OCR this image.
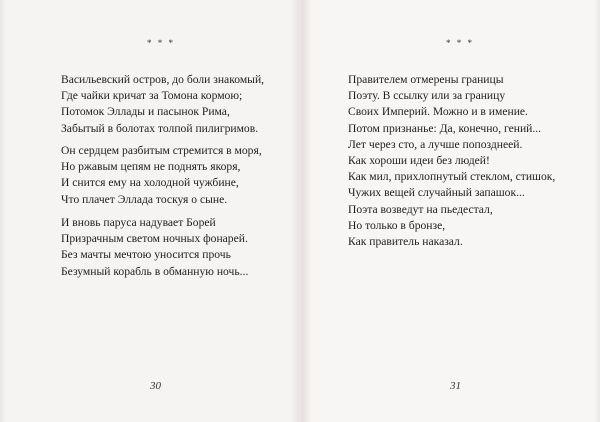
* * *
Васильевский остров, до боли знакомый,
Где чайки кричат за Томона кормою;
Потомок Эллады и пасынок Рима,
Забытый в болотах толпой пилигримов.
Он сердцем разбитым стремится в моря,
Но ржавым цепям не поднять якоря,
И снится ему на холодной чужбине,
Что плачет Эллада тоскуя о сыне.
И вновь паруса надувает Борей
Призрачным светом ночных фонарей.
Без мачты мечтою уносится прочь
Безумный корабль в обманную ночь...
30
* * *
Правителем отмерены границы
Поэту. В ссылку или за границу
Своих Империй. Можно и в имение.
Потом признанье: Да, конечно, гений...
Лет через сто, а лучше попозднеей.
Как хороши идеи без людей!
Как мил, прихлопнутый стеклом, стишок,
Чужих вещей случайный запашок...
Поэта возведут на пьедестал,
Но только в бронзе,
Как правитель наказал.
31
